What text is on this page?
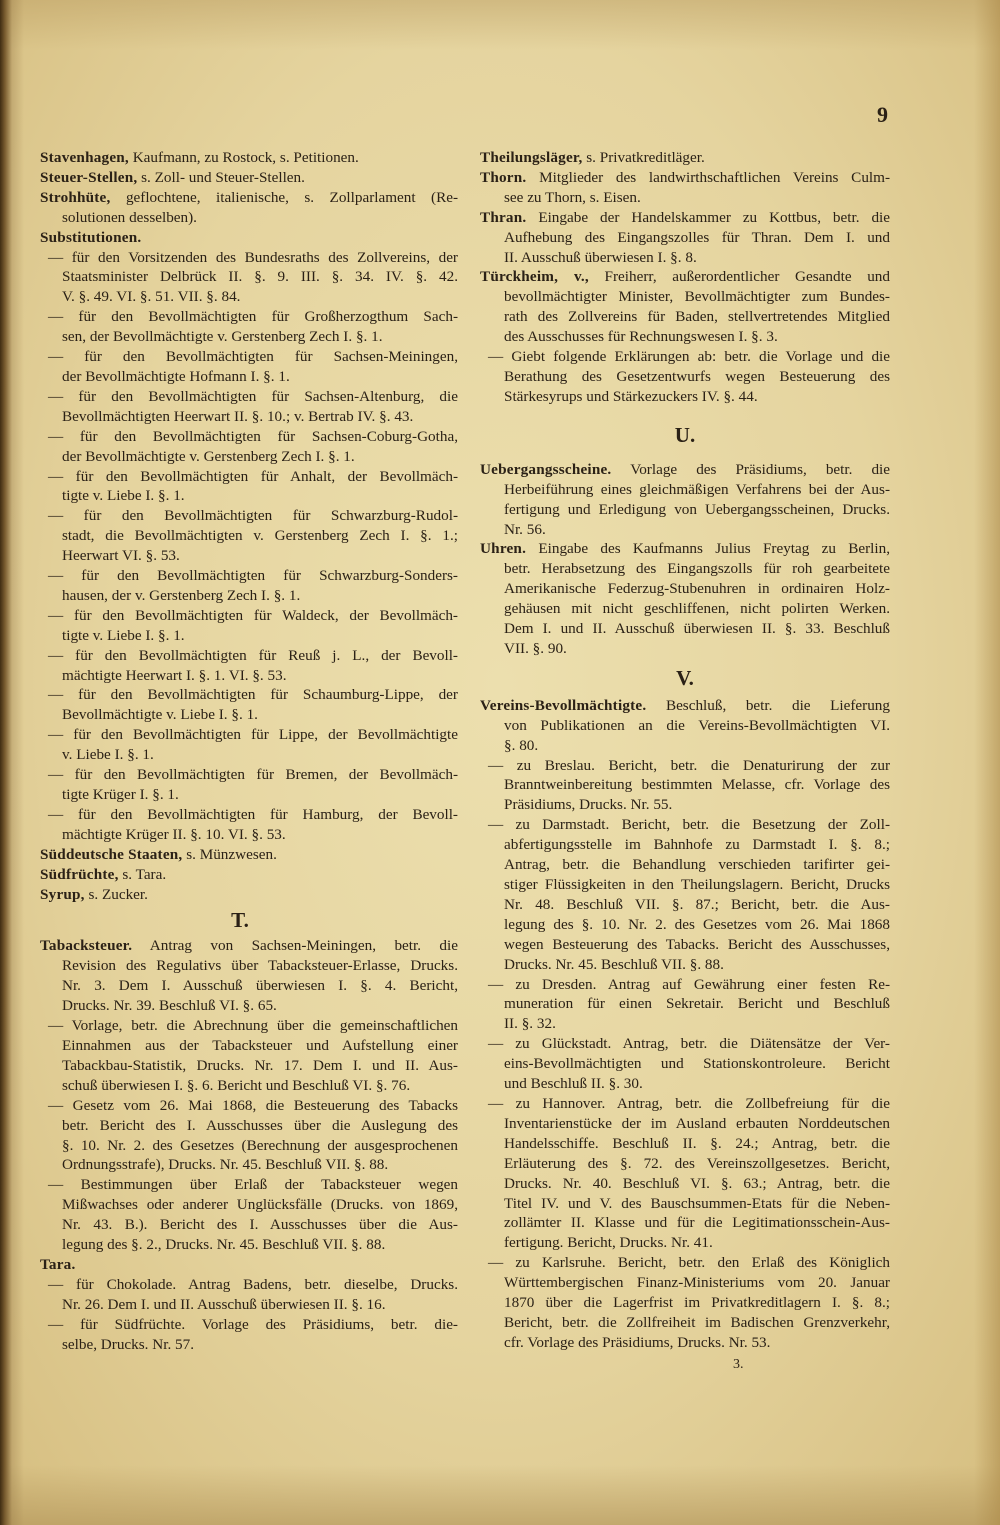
9
Stavenhagen, Kaufmann, zu Rostock, s. Petitionen.
Steuer-Stellen, s. Zoll- und Steuer-Stellen.
Strohhüte, geflochtene, italienische, s. Zollparlament (Re-
solutionen desselben).
Substitutionen.
— für den Vorsitzenden des Bundesraths des Zollvereins, der
Staatsminister Delbrück II. §. 9. III. §. 34. IV. §. 42.
V. §. 49. VI. §. 51. VII. §. 84.
— für den Bevollmächtigten für Großherzogthum Sach-
sen, der Bevollmächtigte v. Gerstenberg Zech I. §. 1.
— für den Bevollmächtigten für Sachsen-Meiningen,
der Bevollmächtigte Hofmann I. §. 1.
— für den Bevollmächtigten für Sachsen-Altenburg, die
Bevollmächtigten Heerwart II. §. 10.; v. Bertrab IV. §. 43.
— für den Bevollmächtigten für Sachsen-Coburg-Gotha,
der Bevollmächtigte v. Gerstenberg Zech I. §. 1.
— für den Bevollmächtigten für Anhalt, der Bevollmäch-
tigte v. Liebe I. §. 1.
— für den Bevollmächtigten für Schwarzburg-Rudol-
stadt, die Bevollmächtigten v. Gerstenberg Zech I. §. 1.;
Heerwart VI. §. 53.
— für den Bevollmächtigten für Schwarzburg-Sonders-
hausen, der v. Gerstenberg Zech I. §. 1.
— für den Bevollmächtigten für Waldeck, der Bevollmäch-
tigte v. Liebe I. §. 1.
— für den Bevollmächtigten für Reuß j. L., der Bevoll-
mächtigte Heerwart I. §. 1. VI. §. 53.
— für den Bevollmächtigten für Schaumburg-Lippe, der
Bevollmächtigte v. Liebe I. §. 1.
— für den Bevollmächtigten für Lippe, der Bevollmächtigte
v. Liebe I. §. 1.
— für den Bevollmächtigten für Bremen, der Bevollmäch-
tigte Krüger I. §. 1.
— für den Bevollmächtigten für Hamburg, der Bevoll-
mächtigte Krüger II. §. 10. VI. §. 53.
Süddeutsche Staaten, s. Münzwesen.
Südfrüchte, s. Tara.
Syrup, s. Zucker.
T.
Tabacksteuer. Antrag von Sachsen-Meiningen, betr. die
Revision des Regulativs über Tabacksteuer-Erlasse, Drucks.
Nr. 3. Dem I. Ausschuß überwiesen I. §. 4. Bericht,
Drucks. Nr. 39. Beschluß VI. §. 65.
— Vorlage, betr. die Abrechnung über die gemeinschaftlichen
Einnahmen aus der Tabacksteuer und Aufstellung einer
Tabackbau-Statistik, Drucks. Nr. 17. Dem I. und II. Aus-
schuß überwiesen I. §. 6. Bericht und Beschluß VI. §. 76.
— Gesetz vom 26. Mai 1868, die Besteuerung des Tabacks
betr. Bericht des I. Ausschusses über die Auslegung des
§. 10. Nr. 2. des Gesetzes (Berechnung der ausgesprochenen
Ordnungsstrafe), Drucks. Nr. 45. Beschluß VII. §. 88.
— Bestimmungen über Erlaß der Tabacksteuer wegen
Mißwachses oder anderer Unglücksfälle (Drucks. von 1869,
Nr. 43. B.). Bericht des I. Ausschusses über die Aus-
legung des §. 2., Drucks. Nr. 45. Beschluß VII. §. 88.
Tara.
— für Chokolade. Antrag Badens, betr. dieselbe, Drucks.
Nr. 26. Dem I. und II. Ausschuß überwiesen II. §. 16.
— für Südfrüchte. Vorlage des Präsidiums, betr. die-
selbe, Drucks. Nr. 57.
Theilungsläger, s. Privatkreditläger.
Thorn. Mitglieder des landwirthschaftlichen Vereins Culm-
see zu Thorn, s. Eisen.
Thran. Eingabe der Handelskammer zu Kottbus, betr. die
Aufhebung des Eingangszolles für Thran. Dem I. und
II. Ausschuß überwiesen I. §. 8.
Türckheim, v., Freiherr, außerordentlicher Gesandte und
bevollmächtigter Minister, Bevollmächtigter zum Bundes-
rath des Zollvereins für Baden, stellvertretendes Mitglied
des Ausschusses für Rechnungswesen I. §. 3.
— Giebt folgende Erklärungen ab: betr. die Vorlage und die
Berathung des Gesetzentwurfs wegen Besteuerung des
Stärkesyrups und Stärkezuckers IV. §. 44.
U.
Uebergangsscheine. Vorlage des Präsidiums, betr. die
Herbeiführung eines gleichmäßigen Verfahrens bei der Aus-
fertigung und Erledigung von Uebergangsscheinen, Drucks.
Nr. 56.
Uhren. Eingabe des Kaufmanns Julius Freytag zu Berlin,
betr. Herabsetzung des Eingangszolls für roh gearbeitete
Amerikanische Federzug-Stubenuhren in ordinairen Holz-
gehäusen mit nicht geschliffenen, nicht polirten Werken.
Dem I. und II. Ausschuß überwiesen II. §. 33. Beschluß
VII. §. 90.
V.
Vereins-Bevollmächtigte. Beschluß, betr. die Lieferung
von Publikationen an die Vereins-Bevollmächtigten VI.
§. 80.
— zu Breslau. Bericht, betr. die Denaturirung der zur
Branntweinbereitung bestimmten Melasse, cfr. Vorlage des
Präsidiums, Drucks. Nr. 55.
— zu Darmstadt. Bericht, betr. die Besetzung der Zoll-
abfertigungsstelle im Bahnhofe zu Darmstadt I. §. 8.;
Antrag, betr. die Behandlung verschieden tarifirter gei-
stiger Flüssigkeiten in den Theilungslagern. Bericht, Drucks
Nr. 48. Beschluß VII. §. 87.; Bericht, betr. die Aus-
legung des §. 10. Nr. 2. des Gesetzes vom 26. Mai 1868
wegen Besteuerung des Tabacks. Bericht des Ausschusses,
Drucks. Nr. 45. Beschluß VII. §. 88.
— zu Dresden. Antrag auf Gewährung einer festen Re-
muneration für einen Sekretair. Bericht und Beschluß
II. §. 32.
— zu Glückstadt. Antrag, betr. die Diätensätze der Ver-
eins-Bevollmächtigten und Stationskontroleure. Bericht
und Beschluß II. §. 30.
— zu Hannover. Antrag, betr. die Zollbefreiung für die
Inventarienstücke der im Ausland erbauten Norddeutschen
Handelsschiffe. Beschluß II. §. 24.; Antrag, betr. die
Erläuterung des §. 72. des Vereinszollgesetzes. Bericht,
Drucks. Nr. 40. Beschluß VI. §. 63.; Antrag, betr. die
Titel IV. und V. des Bauschsummen-Etats für die Neben-
zollämter II. Klasse und für die Legitimationsschein-Aus-
fertigung. Bericht, Drucks. Nr. 41.
— zu Karlsruhe. Bericht, betr. den Erlaß des Königlich
Württembergischen Finanz-Ministeriums vom 20. Januar
1870 über die Lagerfrist im Privatkreditlagern I. §. 8.;
Bericht, betr. die Zollfreiheit im Badischen Grenzverkehr,
cfr. Vorlage des Präsidiums, Drucks. Nr. 53.
3.
